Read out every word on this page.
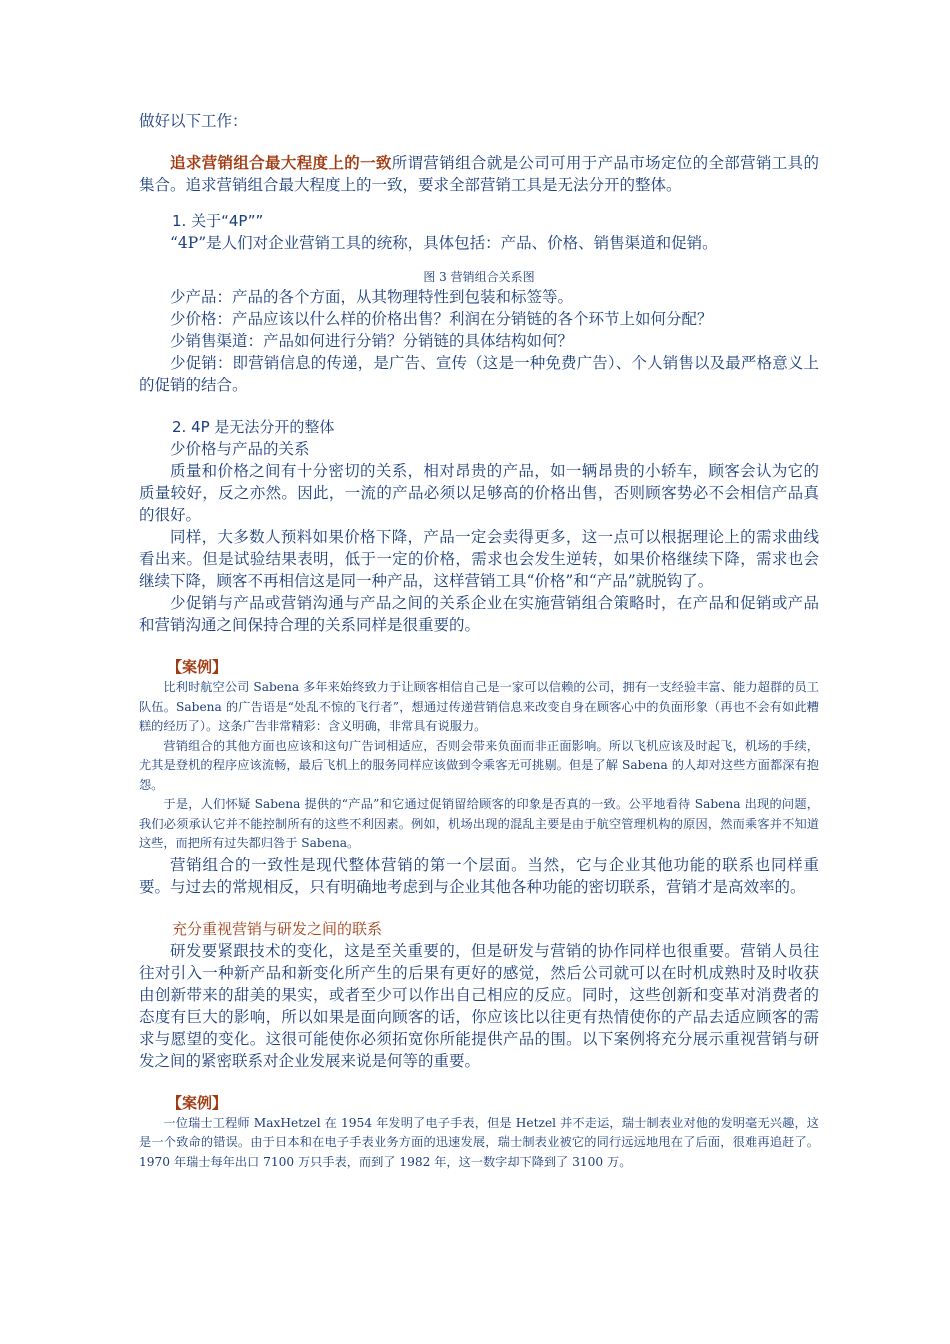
做好以下工作：

追求营销组合最大程度上的一致所谓营销组合就是公司可用于产品市场定位的全部营销工具的集合。追求营销组合最大程度上的一致，要求全部营销工具是无法分开的整体。

1. 关于“4P””

“4P”是人们对企业营销工具的统称，具体包括：产品、价格、销售渠道和促销。

图 3 营销组合关系图

少产品：产品的各个方面，从其物理特性到包装和标签等。

少价格：产品应该以什么样的价格出售？利润在分销链的各个环节上如何分配？

少销售渠道：产品如何进行分销？分销链的具体结构如何？

少促销：即营销信息的传递，是广告、宣传（这是一种免费广告）、个人销售以及最严格意义上的促销的结合。

2. 4P 是无法分开的整体

少价格与产品的关系

质量和价格之间有十分密切的关系，相对昂贵的产品，如一辆昂贵的小轿车，顾客会认为它的质量较好，反之亦然。因此，一流的产品必须以足够高的价格出售，否则顾客势必不会相信产品真的很好。

同样，大多数人预料如果价格下降，产品一定会卖得更多，这一点可以根据理论上的需求曲线看出来。但是试验结果表明，低于一定的价格，需求也会发生逆转，如果价格继续下降，需求也会继续下降，顾客不再相信这是同一种产品，这样营销工具“价格”和“产品”就脱钩了。

少促销与产品或营销沟通与产品之间的关系企业在实施营销组合策略时，在产品和促销或产品和营销沟通之间保持合理的关系同样是很重要的。

【案例】

比利时航空公司 Sabena 多年来始终致力于让顾客相信自己是一家可以信赖的公司，拥有一支经验丰富、能力超群的员工队伍。Sabena 的广告语是“处乱不惊的飞行者”，想通过传递营销信息来改变自身在顾客心中的负面形象（再也不会有如此糟糕的经历了）。这条广告非常精彩：含义明确，非常具有说服力。

营销组合的其他方面也应该和这句广告词相适应，否则会带来负面而非正面影响。所以飞机应该及时起飞，机场的手续，尤其是登机的程序应该流畅，最后飞机上的服务同样应该做到令乘客无可挑剔。但是了解 Sabena 的人却对这些方面都深有抱怨。

于是，人们怀疑 Sabena 提供的“产品”和它通过促销留给顾客的印象是否真的一致。公平地看待 Sabena 出现的问题，我们必须承认它并不能控制所有的这些不利因素。例如，机场出现的混乱主要是由于航空管理机构的原因，然而乘客并不知道这些，而把所有过失都归咎于 Sabena。

营销组合的一致性是现代整体营销的第一个层面。当然，它与企业其他功能的联系也同样重要。与过去的常规相反，只有明确地考虑到与企业其他各种功能的密切联系，营销才是高效率的。

充分重视营销与研发之间的联系

研发要紧跟技术的变化，这是至关重要的，但是研发与营销的协作同样也很重要。营销人员往往对引入一种新产品和新变化所产生的后果有更好的感觉，然后公司就可以在时机成熟时及时收获由创新带来的甜美的果实，或者至少可以作出自己相应的反应。同时，这些创新和变革对消费者的态度有巨大的影响，所以如果是面向顾客的话，你应该比以往更有热情使你的产品去适应顾客的需求与愿望的变化。这很可能使你必须拓宽你所能提供产品的围。以下案例将充分展示重视营销与研发之间的紧密联系对企业发展来说是何等的重要。

【案例】

一位瑞士工程师 MaxHetzel 在 1954 年发明了电子手表，但是 Hetzel 并不走运，瑞士制表业对他的发明毫无兴趣，这是一个致命的错误。由于日本和在电子手表业务方面的迅速发展，瑞士制表业被它的同行远远地甩在了后面，很难再追赶了。1970 年瑞士每年出口 7100 万只手表，而到了 1982 年，这一数字却下降到了 3100 万。
